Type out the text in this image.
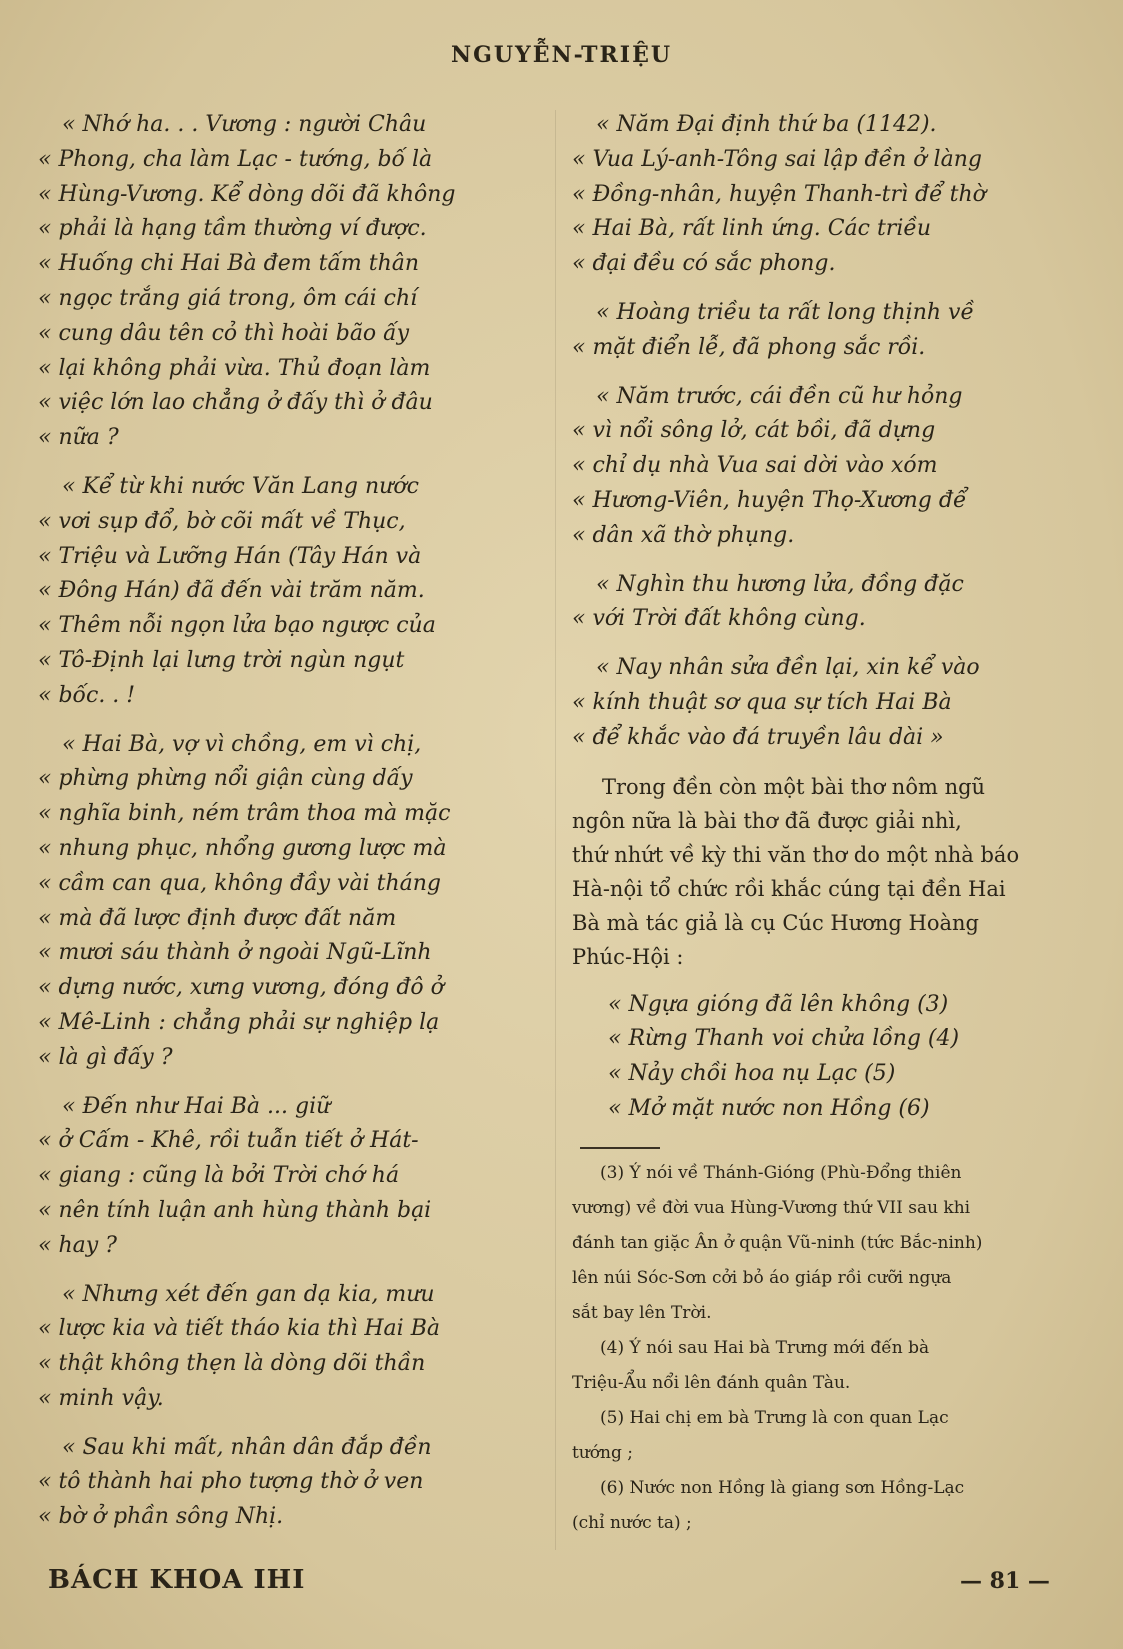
NGUYỄN-TRIỆU
« Nhớ ha. . . Vương : người Châu
« Phong, cha làm Lạc - tướng, bố là
« Hùng-Vương. Kể dòng dõi đã không
« phải là hạng tầm thường ví được.
« Huống chi Hai Bà đem tấm thân
« ngọc trắng giá trong, ôm cái chí
« cung dâu tên cỏ thì hoài bão ấy
« lại không phải vừa. Thủ đoạn làm
« việc lớn lao chẳng ở đấy thì ở đâu
« nữa ?
« Kể từ khi nước Văn Lang nước
« vơi sụp đổ, bờ cõi mất về Thục,
« Triệu và Lưỡng Hán (Tây Hán và
« Đông Hán) đã đến vài trăm năm.
« Thêm nỗi ngọn lửa bạo ngược của
« Tô-Định lại lưng trời ngùn ngụt
« bốc. . !
« Hai Bà, vợ vì chồng, em vì chị,
« phừng phừng nổi giận cùng dấy
« nghĩa binh, ném trâm thoa mà mặc
« nhung phục, nhổng gương lược mà
« cầm can qua, không đầy vài tháng
« mà đã lược định được đất năm
« mươi sáu thành ở ngoài Ngũ-Lĩnh
« dựng nước, xưng vương, đóng đô ở
« Mê-Linh : chẳng phải sự nghiệp lạ
« là gì đấy ?
« Đến như Hai Bà ... giữ
« ở Cấm - Khê, rồi tuẫn tiết ở Hát-
« giang : cũng là bởi Trời chớ há
« nên tính luận anh hùng thành bại
« hay ?
« Nhưng xét đến gan dạ kia, mưu
« lược kia và tiết tháo kia thì Hai Bà
« thật không thẹn là dòng dõi thần
« minh vậy.
« Sau khi mất, nhân dân đắp đền
« tô thành hai pho tượng thờ ở ven
« bờ ở phần sông Nhị.
« Năm Đại định thứ ba (1142).
« Vua Lý-anh-Tông sai lập đền ở làng
« Đồng-nhân, huyện Thanh-trì để thờ
« Hai Bà, rất linh ứng. Các triều
« đại đều có sắc phong.
« Hoàng triều ta rất long thịnh về
« mặt điển lễ, đã phong sắc rồi.
« Năm trước, cái đền cũ hư hỏng
« vì nổi sông lở, cát bồi, đã dựng
« chỉ dụ nhà Vua sai dời vào xóm
« Hương-Viên, huyện Thọ-Xương để
« dân xã thờ phụng.
« Nghìn thu hương lửa, đồng đặc
« với Trời đất không cùng.
« Nay nhân sửa đền lại, xin kể vào
« kính thuật sơ qua sự tích Hai Bà
« để khắc vào đá truyền lâu dài »
Trong đền còn một bài thơ nôm ngũ
ngôn nữa là bài thơ đã được giải nhì,
thứ nhứt về kỳ thi văn thơ do một nhà báo
Hà-nội tổ chức rồi khắc cúng tại đền Hai
Bà mà tác giả là cụ Cúc Hương Hoàng
Phúc-Hội :
« Ngựa gióng đã lên không (3)
« Rừng Thanh voi chửa lồng (4)
« Nảy chồi hoa nụ Lạc (5)
« Mở mặt nước non Hồng (6)
(3) Ý nói về Thánh-Gióng (Phù-Đổng thiên
vương) về đời vua Hùng-Vương thứ VII sau khi
đánh tan giặc Ân ở quận Vũ-ninh (tức Bắc-ninh)
lên núi Sóc-Sơn cởi bỏ áo giáp rồi cưỡi ngựa
sắt bay lên Trời.
(4) Ý nói sau Hai bà Trưng mới đến bà
Triệu-Ẩu nổi lên đánh quân Tàu.
(5) Hai chị em bà Trưng là con quan Lạc
tướng ;
(6) Nước non Hồng là giang sơn Hồng-Lạc
(chỉ nước ta) ;
BÁCH KHOA IHI	— 81 —
